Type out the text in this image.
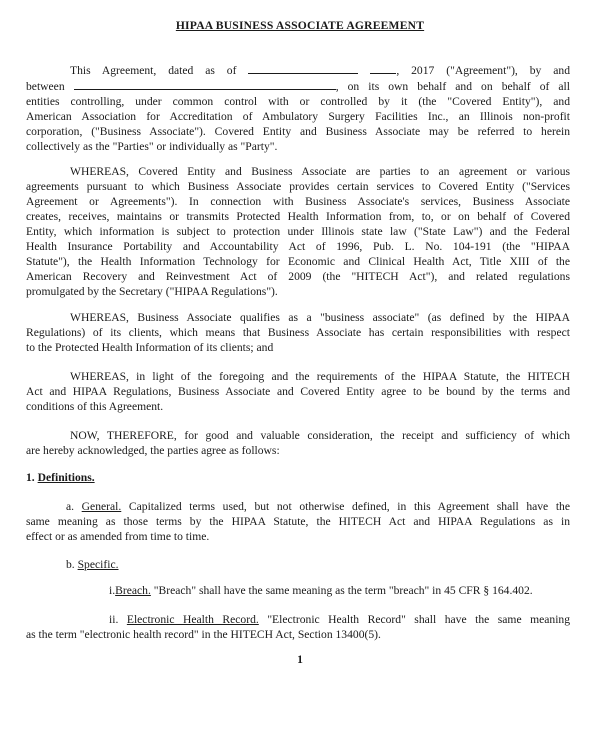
HIPAA BUSINESS ASSOCIATE AGREEMENT
This Agreement, dated as of	, 2017 ("Agreement"), by and
between	, on its own behalf and on behalf of all
entities controlling, under common control with or controlled by it (the "Covered Entity"), and
American Association for Accreditation of Ambulatory Surgery Facilities Inc., an Illinois non-profit
corporation, ("Business Associate"). Covered Entity and Business Associate may be referred to herein
collectively as the "Parties" or individually as "Party".
WHEREAS, Covered Entity and Business Associate are parties to an agreement or various
agreements pursuant to which Business Associate provides certain services to Covered Entity ("Services
Agreement or Agreements"). In connection with Business Associate's services, Business Associate
creates, receives, maintains or transmits Protected Health Information from, to, or on behalf of Covered
Entity, which information is subject to protection under Illinois state law ("State Law") and the Federal
Health Insurance Portability and Accountability Act of 1996, Pub. L. No. 104-191 (the "HIPAA
Statute"), the Health Information Technology for Economic and Clinical Health Act, Title XIII of the
American Recovery and Reinvestment Act of 2009 (the "HITECH Act"), and related regulations
promulgated by the Secretary ("HIPAA Regulations").
WHEREAS, Business Associate qualifies as a "business associate" (as defined by the HIPAA
Regulations) of its clients, which means that Business Associate has certain responsibilities with respect
to the Protected Health Information of its clients; and
WHEREAS, in light of the foregoing and the requirements of the HIPAA Statute, the HITECH
Act and HIPAA Regulations, Business Associate and Covered Entity agree to be bound by the terms and
conditions of this Agreement.
NOW, THEREFORE, for good and valuable consideration, the receipt and sufficiency of which
are hereby acknowledged, the parties agree as follows:
1. Definitions.
a. General. Capitalized terms used, but not otherwise defined, in this Agreement shall have the
same meaning as those terms by the HIPAA Statute, the HITECH Act and HIPAA Regulations as in
effect or as amended from time to time.
b. Specific.
i.Breach. "Breach" shall have the same meaning as the term "breach" in 45 CFR § 164.402.
ii. Electronic Health Record. "Electronic Health Record" shall have the same meaning
as the term "electronic health record" in the HITECH Act, Section 13400(5).
1
